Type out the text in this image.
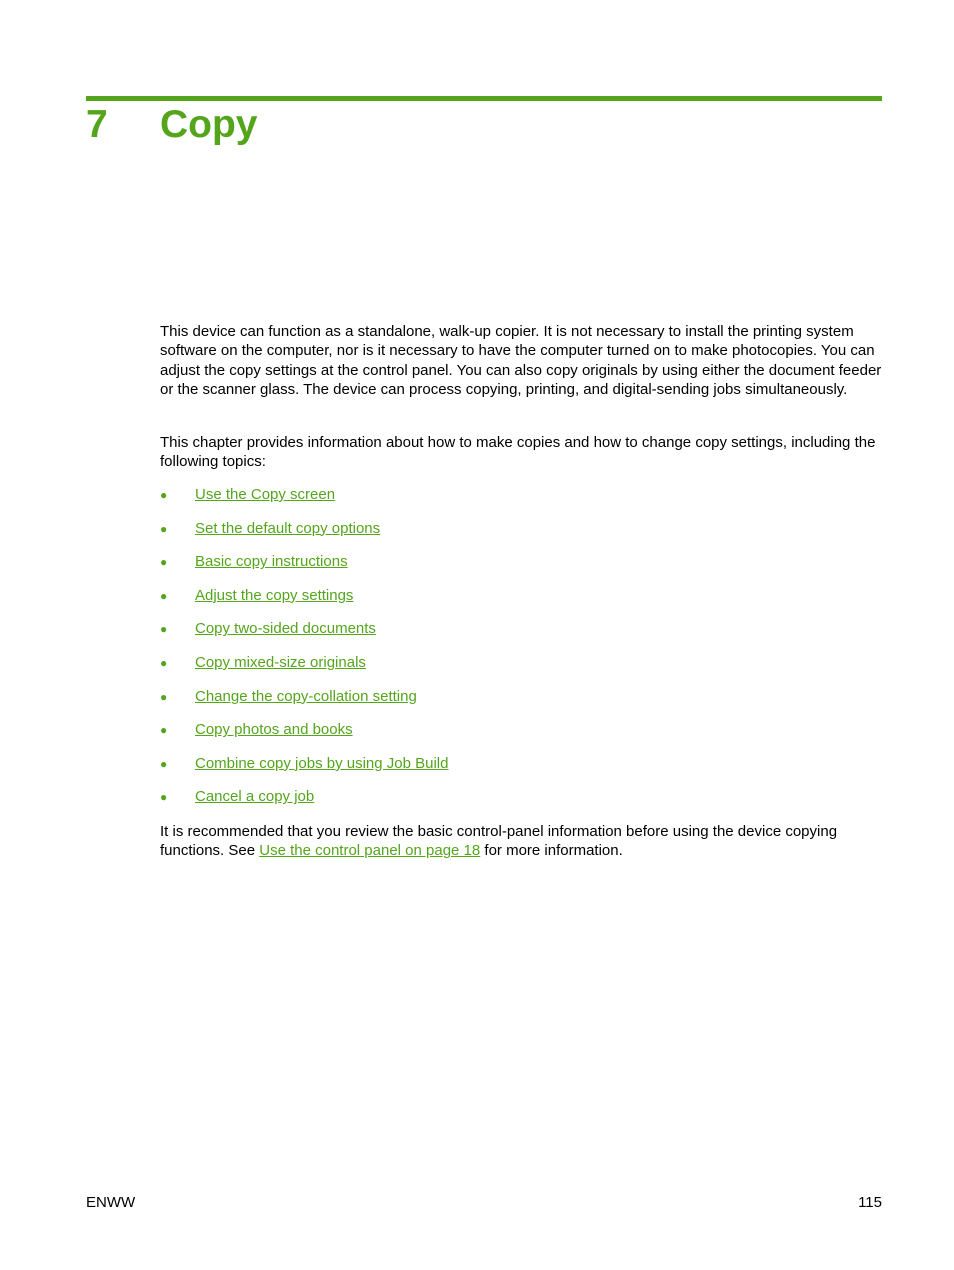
7 Copy

This device can function as a standalone, walk-up copier. It is not necessary to install the printing system software on the computer, nor is it necessary to have the computer turned on to make photocopies. You can adjust the copy settings at the control panel. You can also copy originals by using either the document feeder or the scanner glass. The device can process copying, printing, and digital-sending jobs simultaneously.

This chapter provides information about how to make copies and how to change copy settings, including the following topics:

● Use the Copy screen
● Set the default copy options
● Basic copy instructions
● Adjust the copy settings
● Copy two-sided documents
● Copy mixed-size originals
● Change the copy-collation setting
● Copy photos and books
● Combine copy jobs by using Job Build
● Cancel a copy job

It is recommended that you review the basic control-panel information before using the device copying functions. See Use the control panel on page 18 for more information.

ENWW	115
